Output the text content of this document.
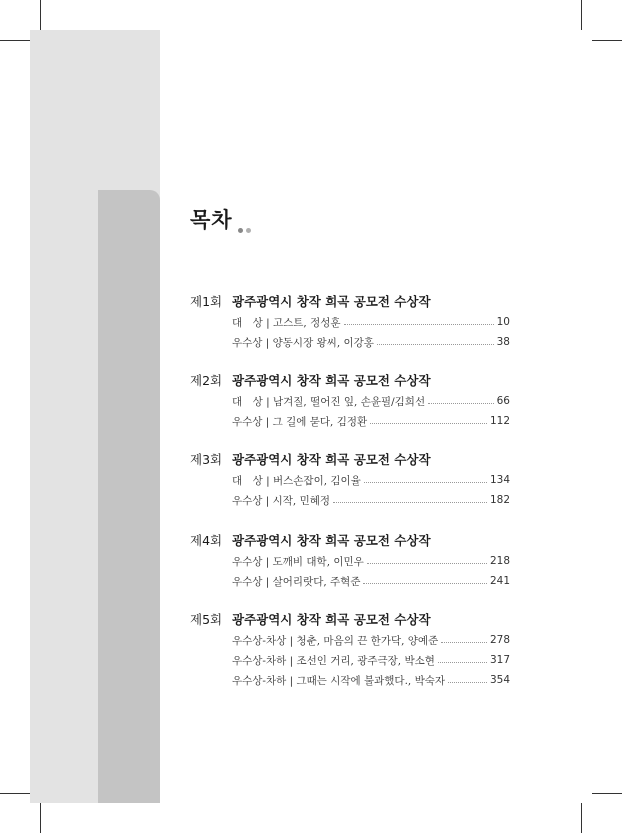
목차
제1회 광주광역시 창작 희곡 공모전 수상작
대　상 | 고스트, 정성훈	10
우수상 | 양동시장 왕씨, 이강홍	38
제2회 광주광역시 창작 희곡 공모전 수상작
대　상 | 남겨질, 떨어진 잎, 손윤필/김희선	66
우수상 | 그 길에 묻다, 김정환	112
제3회 광주광역시 창작 희곡 공모전 수상작
대　상 | 버스손잡이, 김이율	134
우수상 | 시작, 민혜정	182
제4회 광주광역시 창작 희곡 공모전 수상작
우수상 | 도깨비 대학, 이민우	218
우수상 | 살어리랏다, 주혁준	241
제5회 광주광역시 창작 희곡 공모전 수상작
우수상-차상 | 청춘, 마음의 끈 한가닥, 양예준	278
우수상-차하 | 조선인 거리, 광주극장, 박소현	317
우수상-차하 | 그때는 시작에 불과했다., 박숙자	354
